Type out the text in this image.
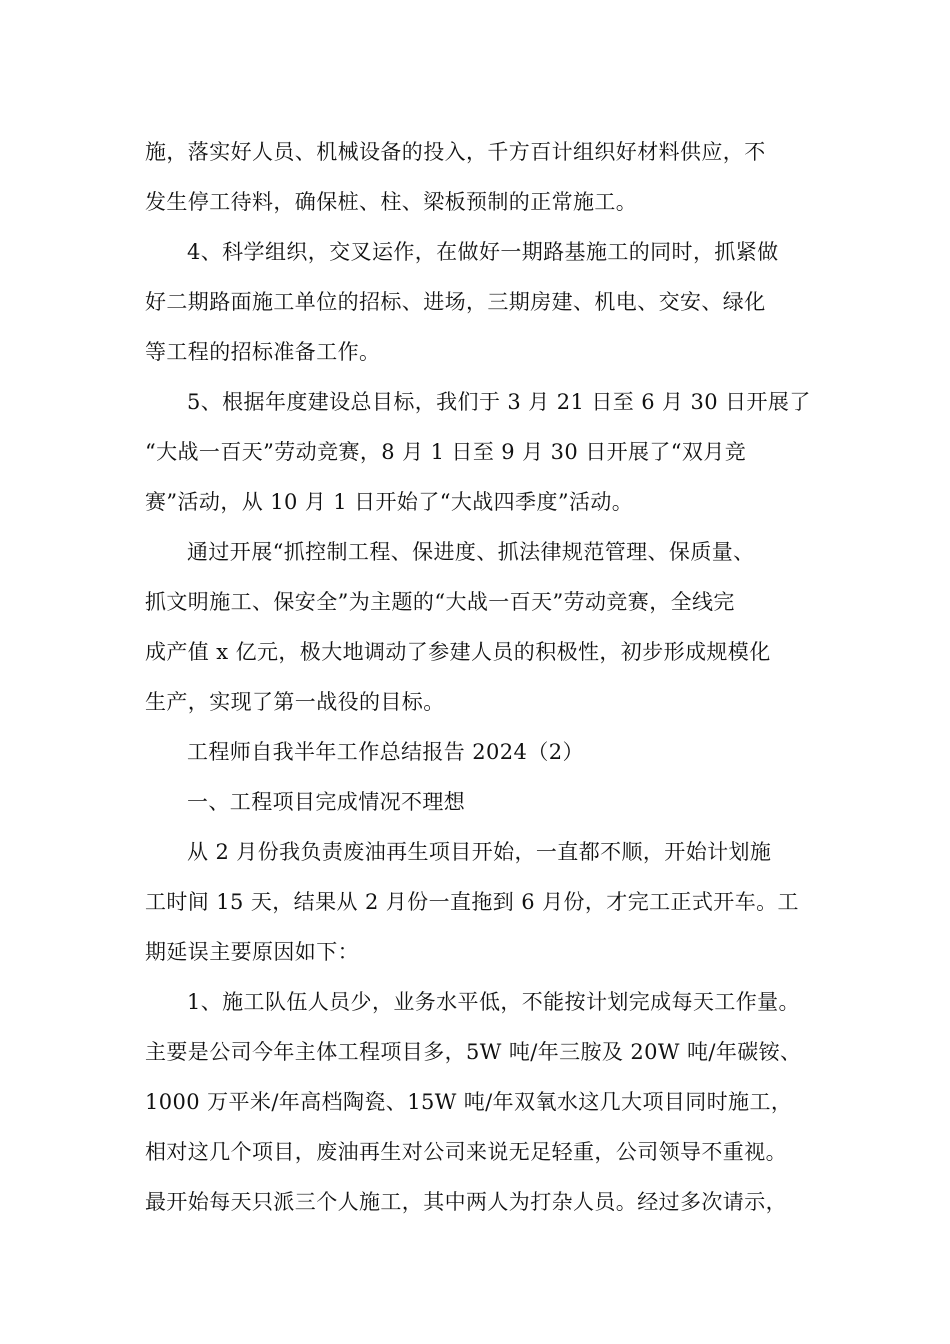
施，落实好人员、机械设备的投入，千方百计组织好材料供应，不
发生停工待料，确保桩、柱、梁板预制的正常施工。

4、科学组织，交叉运作，在做好一期路基施工的同时，抓紧做
好二期路面施工单位的招标、进场，三期房建、机电、交安、绿化
等工程的招标准备工作。

5、根据年度建设总目标，我们于 3 月 21 日至 6 月 30 日开展了
“大战一百天”劳动竞赛，8 月 1 日至 9 月 30 日开展了“双月竞
赛”活动，从 10 月 1 日开始了“大战四季度”活动。

通过开展“抓控制工程、保进度、抓法律规范管理、保质量、
抓文明施工、保安全”为主题的“大战一百天”劳动竞赛，全线完
成产值 x 亿元，极大地调动了参建人员的积极性，初步形成规模化
生产，实现了第一战役的目标。

工程师自我半年工作总结报告 2024（2）

一、工程项目完成情况不理想

从 2 月份我负责废油再生项目开始，一直都不顺，开始计划施
工时间 15 天，结果从 2 月份一直拖到 6 月份，才完工正式开车。工
期延误主要原因如下：

1、施工队伍人员少，业务水平低，不能按计划完成每天工作量。
主要是公司今年主体工程项目多，5W 吨/年三胺及 20W 吨/年碳铵、
1000 万平米/年高档陶瓷、15W 吨/年双氧水这几大项目同时施工，
相对这几个项目，废油再生对公司来说无足轻重，公司领导不重视。
最开始每天只派三个人施工，其中两人为打杂人员。经过多次请示，
